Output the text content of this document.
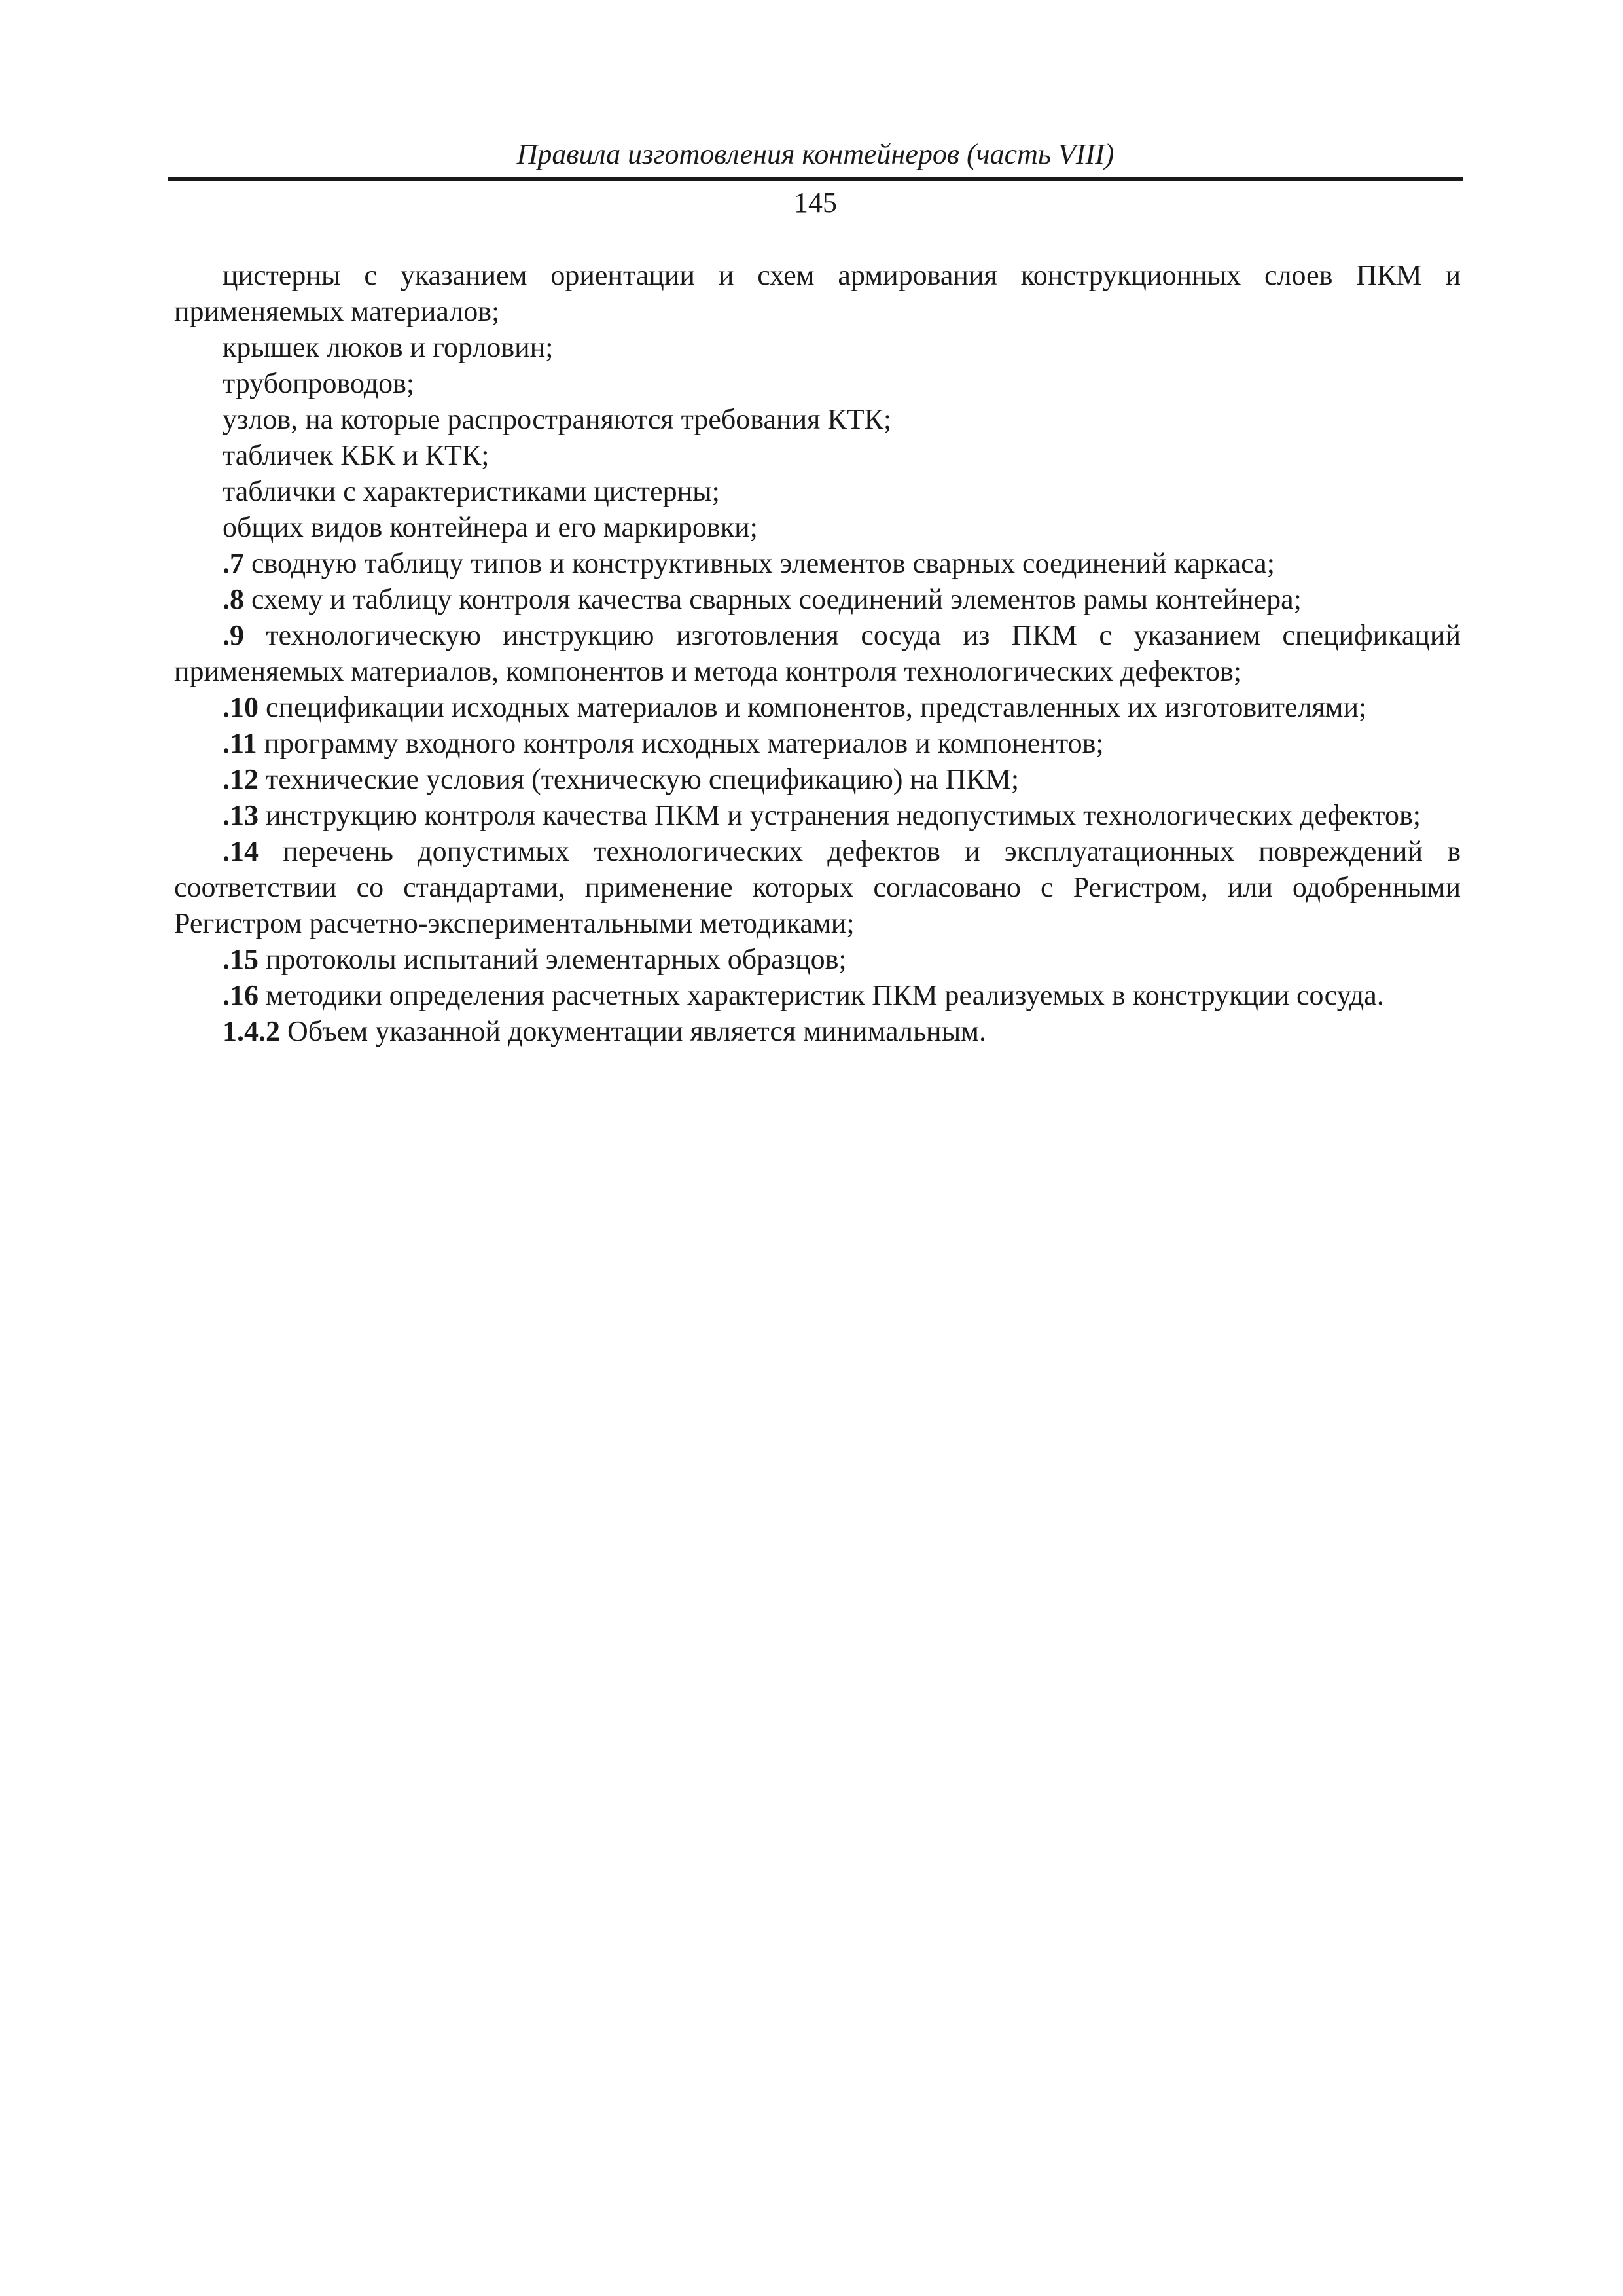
Правила изготовления контейнеров (часть VIII)
145

цистерны с указанием ориентации и схем армирования конструкционных слоев ПКМ и применяемых материалов;

крышек люков и горловин;

трубопроводов;

узлов, на которые распространяются требования КТК;

табличек КБК и КТК;

таблички с характеристиками цистерны;

общих видов контейнера и его маркировки;

.7 сводную таблицу типов и конструктивных элементов сварных соединений каркаса;

.8 схему и таблицу контроля качества сварных соединений элементов рамы контейнера;

.9 технологическую инструкцию изготовления сосуда из ПКМ с указанием спецификаций применяемых материалов, компонентов и метода контроля технологических дефектов;

.10 спецификации исходных материалов и компонентов, представленных их изготовителями;

.11 программу входного контроля исходных материалов и компонентов;

.12 технические условия (техническую спецификацию) на ПКМ;

.13 инструкцию контроля качества ПКМ и устранения недопустимых технологических дефектов;

.14 перечень допустимых технологических дефектов и эксплуатационных повреждений в соответствии со стандартами, применение которых согласовано с Регистром, или одобренными Регистром расчетно-экспериментальными методиками;

.15 протоколы испытаний элементарных образцов;

.16 методики определения расчетных характеристик ПКМ реализуемых в конструкции сосуда.

1.4.2 Объем указанной документации является минимальным.
